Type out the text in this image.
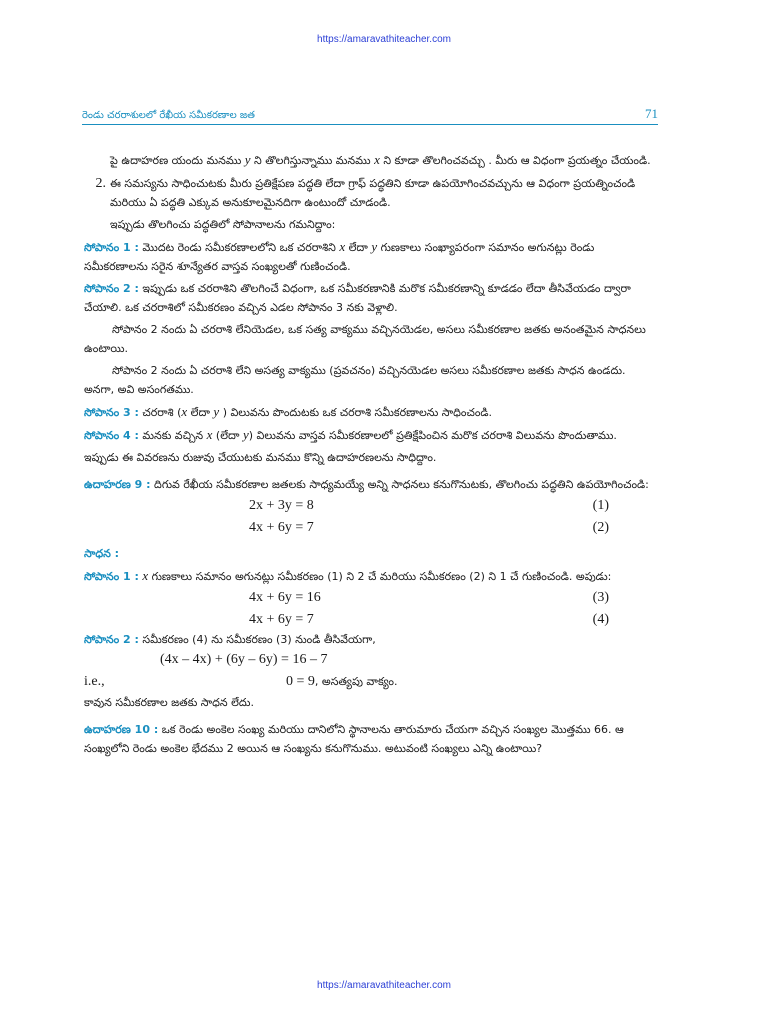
https://amaravathiteacher.com
రెండు చరరాశులలో రేఖీయ సమీకరణాల జత	71

పై ఉదాహరణ యందు మనము y ని తొలగిస్తున్నాము మనము x ని కూడా తొలగించవచ్చు . మీరు ఆ విధంగా ప్రయత్నం చేయండి.

2. ఈ సమస్యను సాధించుటకు మీరు ప్రతిక్షేపణ పద్ధతి లేదా గ్రాఫ్ పద్ధతిని కూడా ఉపయోగించవచ్చును ఆ విధంగా ప్రయత్నించండి మరియు ఏ పద్ధతి ఎక్కువ అనుకూలమైనదిగా ఉంటుందో చూడండి.

ఇప్పుడు తొలగించు పద్ధతిలో సోపానాలను గమనిద్దాం:

సోపానం 1 : మొదట రెండు సమీకరణాలలోని ఒక చరరాశిని x లేదా y గుణకాలు సంఖ్యాపరంగా సమానం అగునట్లు రెండు సమీకరణాలను సరైన శూన్యేతర వాస్తవ సంఖ్యలతో గుణించండి.

సోపానం 2 : ఇప్పుడు ఒక చరరాశిని తొలగించే విధంగా, ఒక సమీకరణానికి మరొక సమీకరణాన్ని కూడడం లేదా తీసివేయడం ద్వారా చేయాలి. ఒక చరరాశిలో సమీకరణం వచ్చిన ఎడల సోపానం 3 నకు వెళ్లాలి.

సోపానం 2 నందు ఏ చరరాశి లేనియెడల, ఒక సత్య వాక్యము వచ్చినయెడల, అసలు సమీకరణాల జతకు అనంతమైన సాధనలు ఉంటాయి.

సోపానం 2 నందు ఏ చరరాశి లేని అసత్య వాక్యము (ప్రవచనం) వచ్చినయెడల అసలు సమీకరణాల జతకు సాధన ఉండదు. అనగా, అవి అసంగతము.

సోపానం 3 : చరరాశి (x లేదా y ) విలువను పొందుటకు ఒక చరరాశి సమీకరణాలను సాధించండి.

సోపానం 4 : మనకు వచ్చిన x (లేదా y) విలువను వాస్తవ సమీకరణాలలో ప్రతిక్షేపించిన మరొక చరరాశి విలువను పొందుతాము.

ఇప్పుడు ఈ వివరణను రుజువు చేయుటకు మనము కొన్ని ఉదాహరణలను సాధిద్దాం.

ఉదాహరణ 9 : దిగువ రేఖీయ సమీకరణాల జతలకు సాధ్యమయ్యే అన్ని సాధనలు కనుగొనుటకు, తొలగించు పద్ధతిని ఉపయోగించండి:

2x + 3y = 8	(1)
4x + 6y = 7	(2)

సాధన :

సోపానం 1 : x గుణకాలు సమానం అగునట్లు సమీకరణం (1) ని 2 చే మరియు సమీకరణం (2) ని 1 చే గుణించండి. అపుడు:

4x + 6y = 16	(3)
4x + 6y = 7	(4)

సోపానం 2 : సమీకరణం (4) ను సమీకరణం (3) నుండి తీసివేయగా,

(4x – 4x) + (6y – 6y) = 16 – 7
i.e.,	0 = 9 , అసత్యపు వాక్యం.

కావున సమీకరణాల జతకు సాధన లేదు.

ఉదాహరణ 10 : ఒక రెండు అంకెల సంఖ్య మరియు దానిలోని స్థానాలను తారుమారు చేయగా వచ్చిన సంఖ్యల మొత్తము 66. ఆ సంఖ్యలోని రెండు అంకెల భేదము 2 అయిన ఆ సంఖ్యను కనుగొనుము. అటువంటి సంఖ్యలు ఎన్ని ఉంటాయి?

https://amaravathiteacher.com
